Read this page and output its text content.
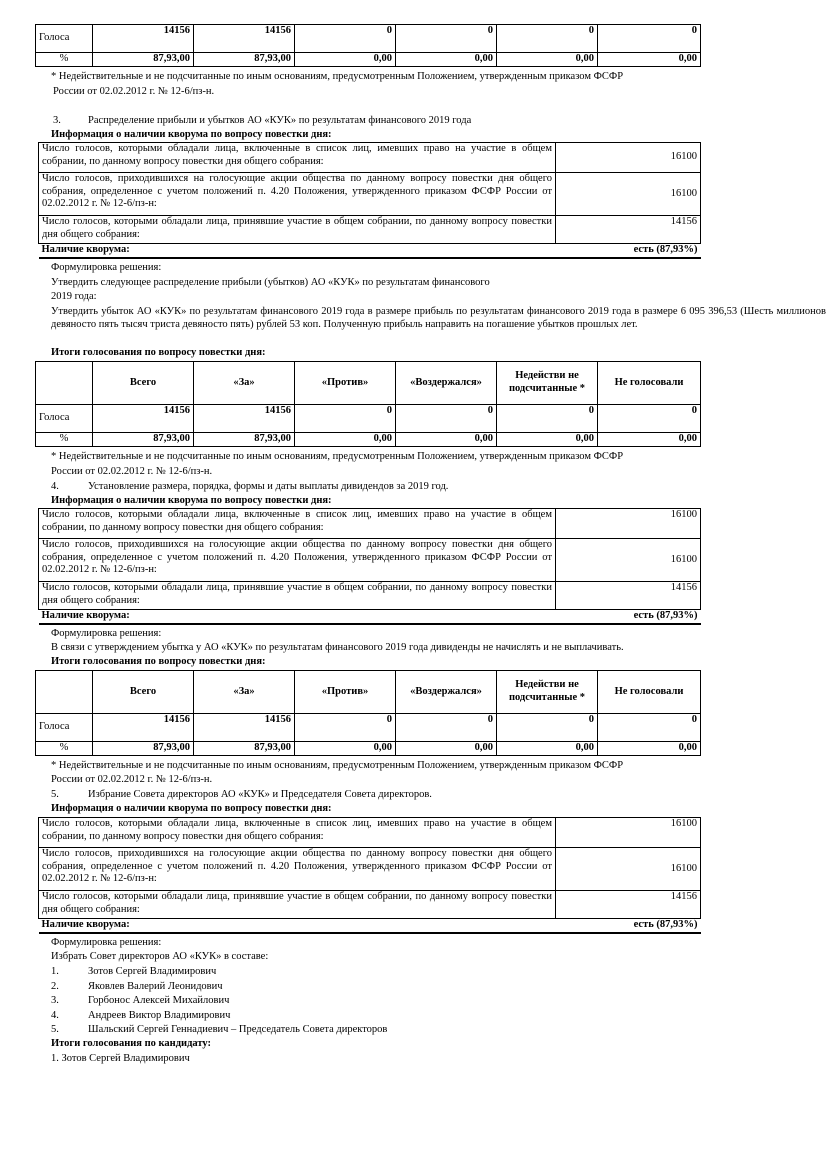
Голоса	14156	14156	0	0	0	0
%	87,93,00	87,93,00	0,00	0,00	0,00	0,00

* Недействительные и не подсчитанные по иным основаниям, предусмотренным Положением, утвержденным приказом ФСФР

России от 02.02.2012 г. № 12-6/пз-н.

3.	Распределение прибыли и убытков АО «КУК» по результатам финансового 2019 года

Информация о наличии кворума по вопросу повестки дня:

Число голосов, которыми обладали лица, включенные в список лиц, имевших право на участие в общем собрании, по данному вопросу повестки дня общего собрания:	16100
Число голосов, приходившихся на голосующие акции общества по данному вопросу повестки дня общего собрания, определенное с учетом положений п. 4.20 Положения, утвержденного приказом ФСФР России от 02.02.2012 г. № 12-6/пз-н:	16100
Число голосов, которыми обладали лица, принявшие участие в общем собрании, по данному вопросу повестки дня общего собрания:	14156
Наличие кворума:	есть (87,93%)

Формулировка решения:

Утвердить следующее распределение прибыли (убытков) АО «КУК» по результатам финансового

2019 года:

Утвердить убыток АО «КУК» по результатам финансового 2019 года в размере прибыль по результатам финансового 2019 года в размере 6 095 396,53 (Шесть миллионов девяносто пять тысяч триста девяносто пять) рублей 53 коп. Полученную прибыль направить на погашение убытков прошлых лет.

Итоги голосования по вопросу повестки дня:

	Всего	«За»	«Против»	«Воздержался»	Недействи не подсчитанные *	Не голосовали
Голоса	14156	14156	0	0	0	0
%	87,93,00	87,93,00	0,00	0,00	0,00	0,00

* Недействительные и не подсчитанные по иным основаниям, предусмотренным Положением, утвержденным приказом ФСФР

России от 02.02.2012 г. № 12-6/пз-н.

4.	Установление размера, порядка, формы и даты выплаты дивидендов за 2019 год.

Информация о наличии кворума по вопросу повестки дня:

Число голосов, которыми обладали лица, включенные в список лиц, имевших право на участие в общем собрании, по данному вопросу повестки дня общего собрания:	16100
Число голосов, приходившихся на голосующие акции общества по данному вопросу повестки дня общего собрания, определенное с учетом положений п. 4.20 Положения, утвержденного приказом ФСФР России от 02.02.2012 г. № 12-6/пз-н:	16100
Число голосов, которыми обладали лица, принявшие участие в общем собрании, по данному вопросу повестки дня общего собрания:	14156
Наличие кворума:	есть (87,93%)

Формулировка решения:

В связи с утверждением убытка у АО «КУК» по результатам финансового 2019 года дивиденды не начислять и не выплачивать.

Итоги голосования по вопросу повестки дня:

	Всего	«За»	«Против»	«Воздержался»	Недействи не подсчитанные *	Не голосовали
Голоса	14156	14156	0	0	0	0
%	87,93,00	87,93,00	0,00	0,00	0,00	0,00

* Недействительные и не подсчитанные по иным основаниям, предусмотренным Положением, утвержденным приказом ФСФР

России от 02.02.2012 г. № 12-6/пз-н.

5.	Избрание Совета директоров АО «КУК» и Председателя Совета директоров.

Информация о наличии кворума по вопросу повестки дня:

Число голосов, которыми обладали лица, включенные в список лиц, имевших право на участие в общем собрании, по данному вопросу повестки дня общего собрания:	16100
Число голосов, приходившихся на голосующие акции общества по данному вопросу повестки дня общего собрания, определенное с учетом положений п. 4.20 Положения, утвержденного приказом ФСФР России от 02.02.2012 г. № 12-6/пз-н:	16100
Число голосов, которыми обладали лица, принявшие участие в общем собрании, по данному вопросу повестки дня общего собрания:	14156
Наличие кворума:	есть (87,93%)

Формулировка решения:

Избрать Совет директоров АО «КУК» в составе:

1.	Зотов Сергей Владимирович

2.	Яковлев Валерий Леонидович

3.	Горбонос Алексей Михайлович

4.	Андреев Виктор Владимирович

5.	Шальский Сергей Геннадиевич – Председатель Совета директоров

Итоги голосования по кандидату:

1. Зотов Сергей Владимирович
